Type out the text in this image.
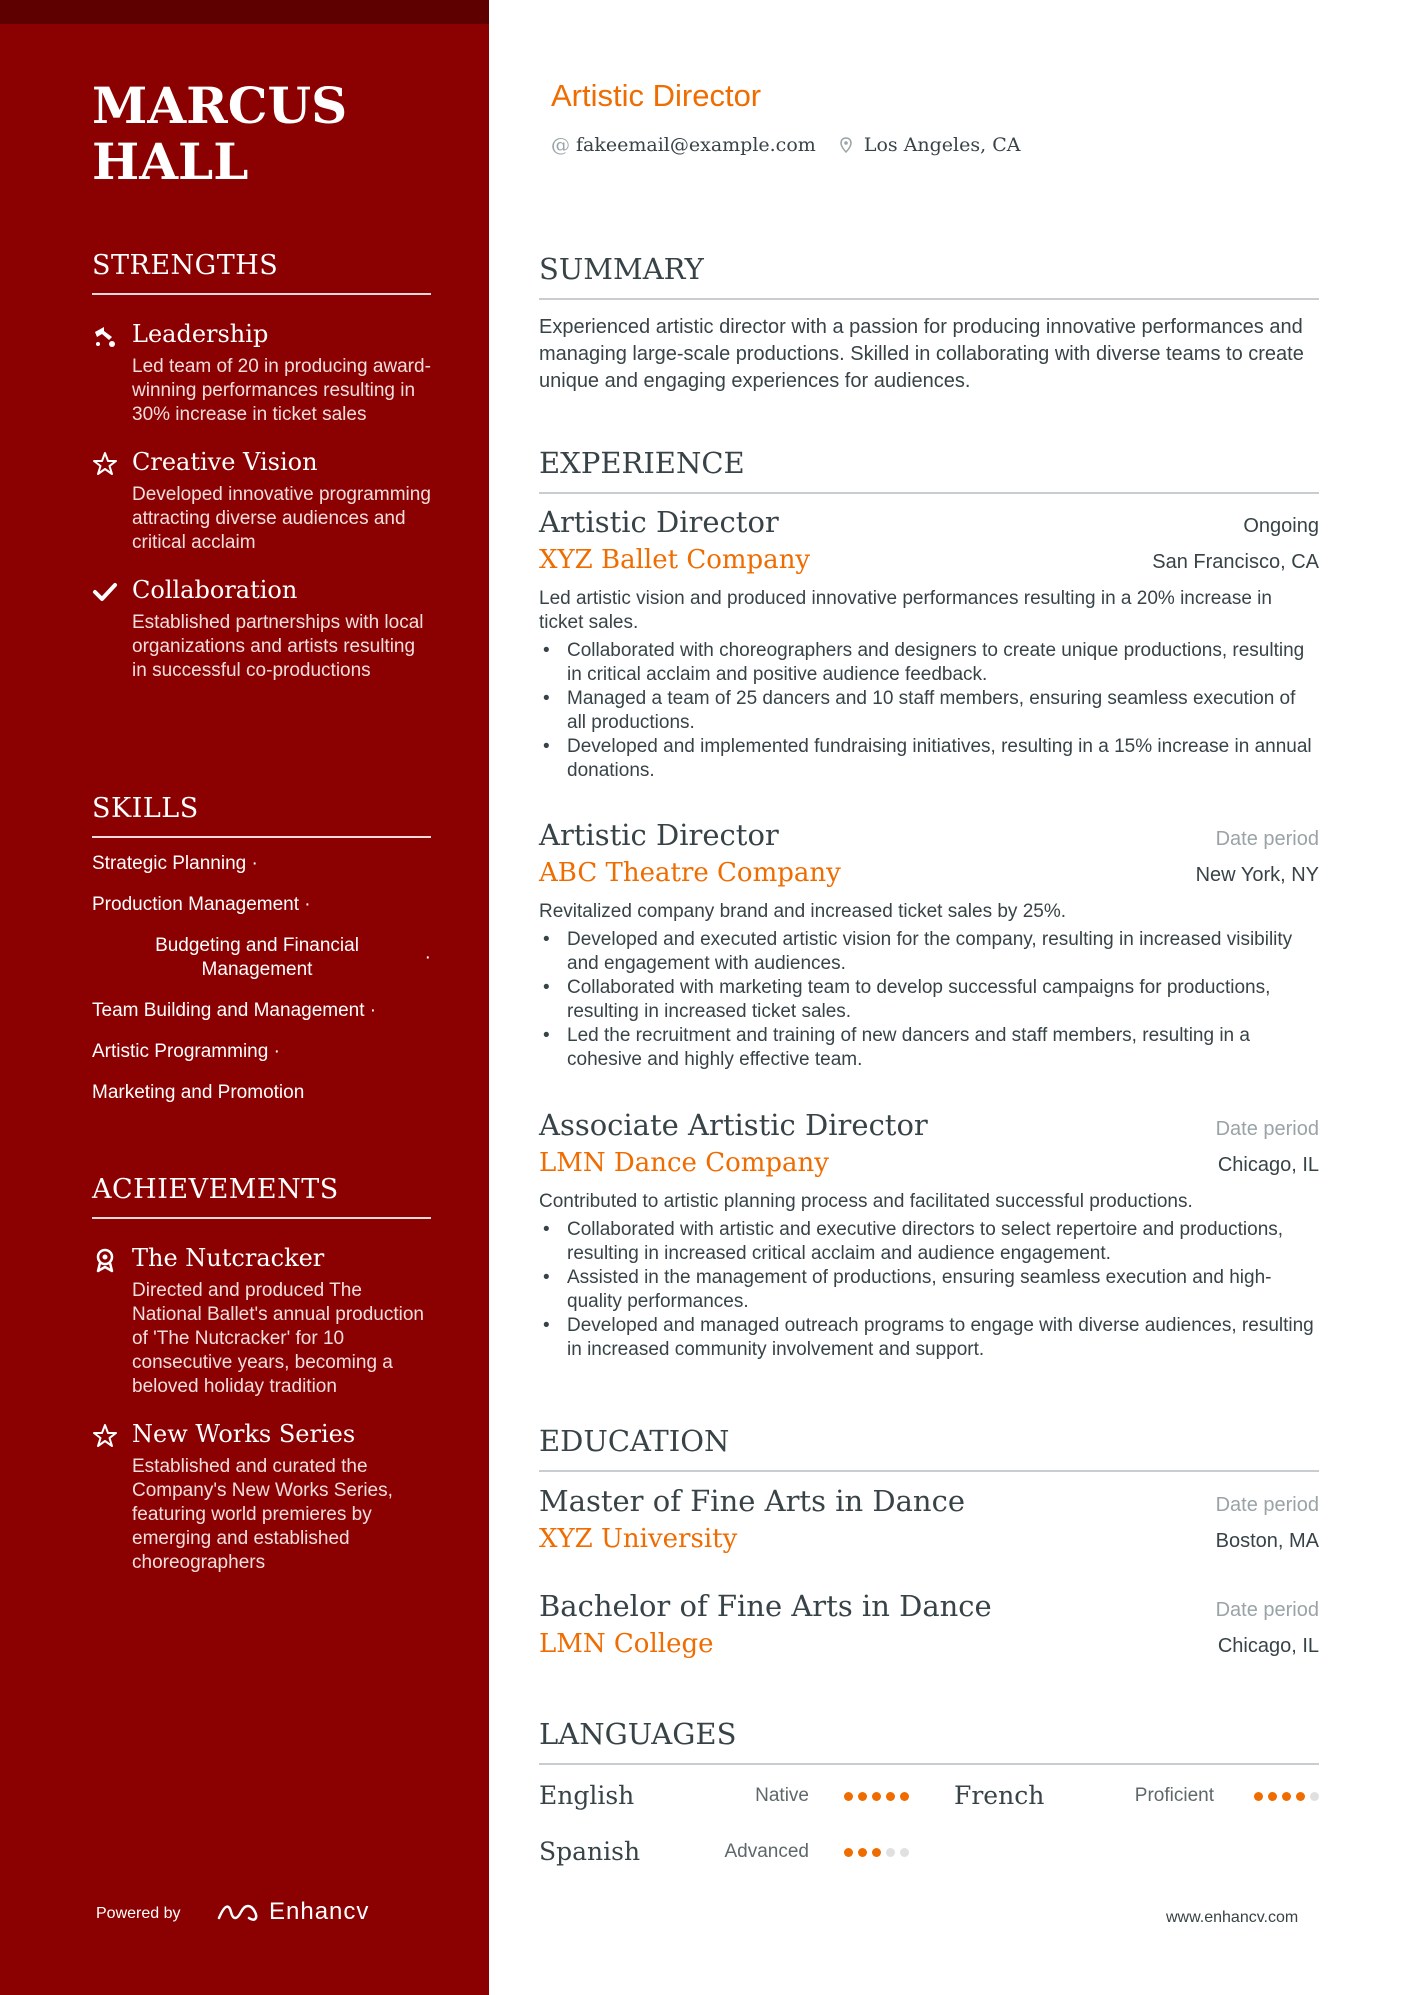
MARCUS HALL
STRENGTHS
Leadership
Led team of 20 in producing award-winning performances resulting in 30% increase in ticket sales
Creative Vision
Developed innovative programming attracting diverse audiences and critical acclaim
Collaboration
Established partnerships with local organizations and artists resulting in successful co-productions
SKILLS
Strategic Planning ·
Production Management ·
Budgeting and Financial Management
·
Team Building and Management ·
Artistic Programming ·
Marketing and Promotion
ACHIEVEMENTS
The Nutcracker
Directed and produced The National Ballet's annual production of 'The Nutcracker' for 10 consecutive years, becoming a beloved holiday tradition
New Works Series
Established and curated the Company's New Works Series, featuring world premieres by emerging and established choreographers
Powered by	Enhancv
Artistic Director
@ fakeemail@example.com	Los Angeles, CA
SUMMARY
Experienced artistic director with a passion for producing innovative performances and managing large-scale productions. Skilled in collaborating with diverse teams to create unique and engaging experiences for audiences.
EXPERIENCE
Artistic Director	Ongoing
XYZ Ballet Company	San Francisco, CA
Led artistic vision and produced innovative performances resulting in a 20% increase in ticket sales.
• Collaborated with choreographers and designers to create unique productions, resulting in critical acclaim and positive audience feedback.
• Managed a team of 25 dancers and 10 staff members, ensuring seamless execution of all productions.
• Developed and implemented fundraising initiatives, resulting in a 15% increase in annual donations.
Artistic Director	Date period
ABC Theatre Company	New York, NY
Revitalized company brand and increased ticket sales by 25%.
• Developed and executed artistic vision for the company, resulting in increased visibility and engagement with audiences.
• Collaborated with marketing team to develop successful campaigns for productions, resulting in increased ticket sales.
• Led the recruitment and training of new dancers and staff members, resulting in a cohesive and highly effective team.
Associate Artistic Director	Date period
LMN Dance Company	Chicago, IL
Contributed to artistic planning process and facilitated successful productions.
• Collaborated with artistic and executive directors to select repertoire and productions, resulting in increased critical acclaim and audience engagement.
• Assisted in the management of productions, ensuring seamless execution and high-quality performances.
• Developed and managed outreach programs to engage with diverse audiences, resulting in increased community involvement and support.
EDUCATION
Master of Fine Arts in Dance	Date period
XYZ University	Boston, MA
Bachelor of Fine Arts in Dance	Date period
LMN College	Chicago, IL
LANGUAGES
English	Native	French	Proficient
Spanish	Advanced
www.enhancv.com
